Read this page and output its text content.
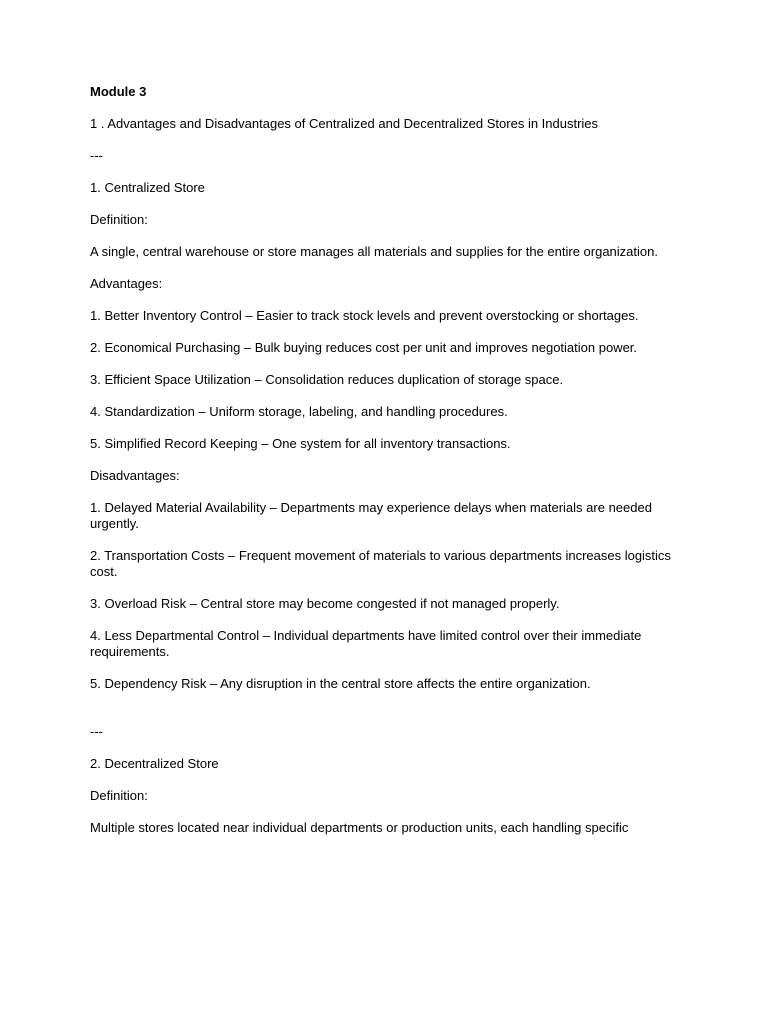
Module 3

1 . Advantages and Disadvantages of Centralized and Decentralized Stores in Industries

---

1. Centralized Store

Definition:

A single, central warehouse or store manages all materials and supplies for the entire organization.

Advantages:

1. Better Inventory Control – Easier to track stock levels and prevent overstocking or shortages.

2. Economical Purchasing – Bulk buying reduces cost per unit and improves negotiation power.

3. Efficient Space Utilization – Consolidation reduces duplication of storage space.

4. Standardization – Uniform storage, labeling, and handling procedures.

5. Simplified Record Keeping – One system for all inventory transactions.

Disadvantages:

1. Delayed Material Availability – Departments may experience delays when materials are needed urgently.

2. Transportation Costs – Frequent movement of materials to various departments increases logistics cost.

3. Overload Risk – Central store may become congested if not managed properly.

4. Less Departmental Control – Individual departments have limited control over their immediate requirements.

5. Dependency Risk – Any disruption in the central store affects the entire organization.

---

2. Decentralized Store

Definition:

Multiple stores located near individual departments or production units, each handling specific
